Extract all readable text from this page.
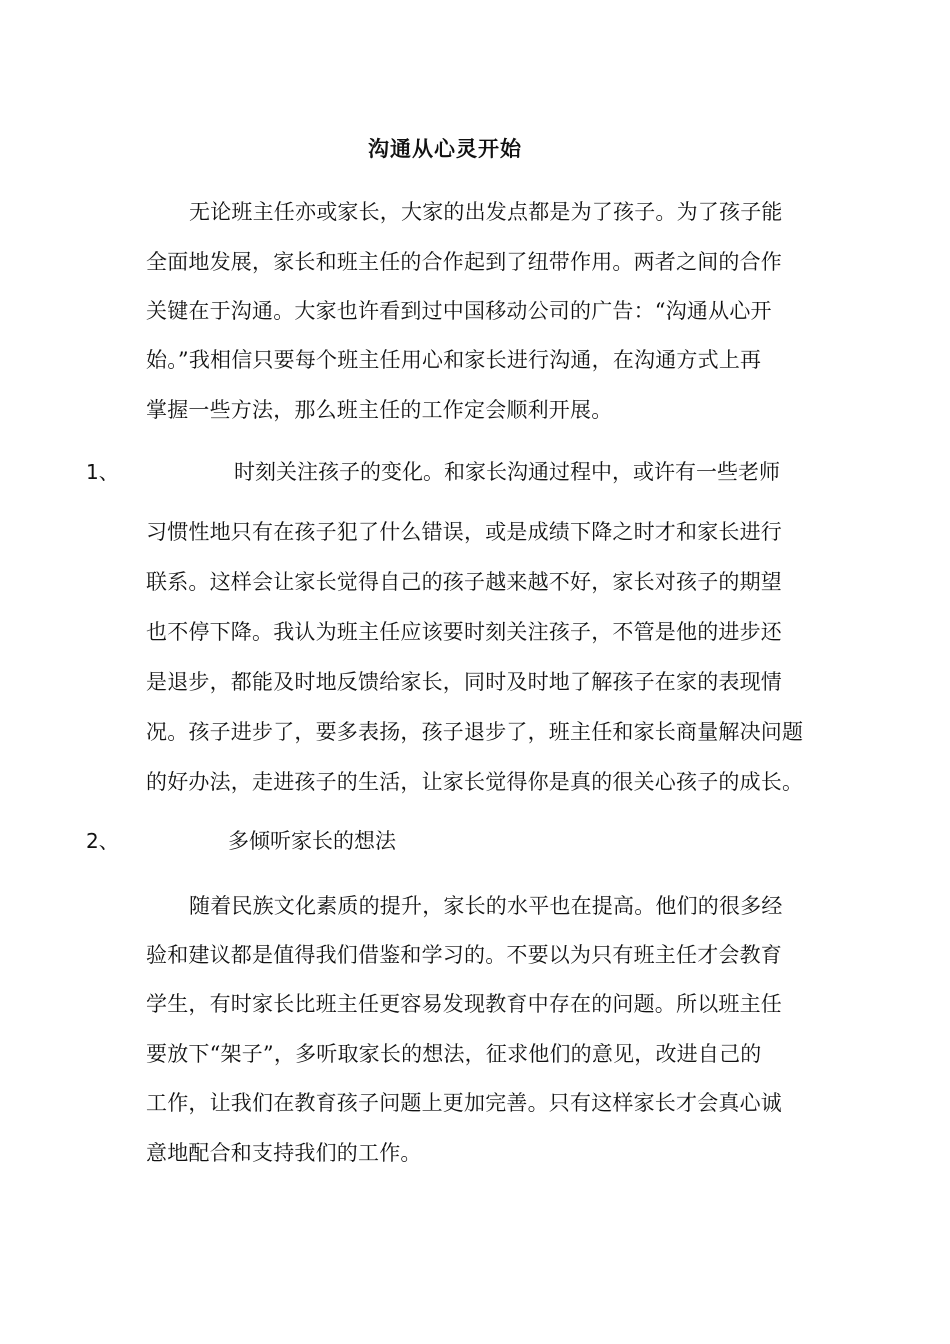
沟通从心灵开始
无论班主任亦或家长，大家的出发点都是为了孩子。为了孩子能
全面地发展，家长和班主任的合作起到了纽带作用。两者之间的合作
关键在于沟通。大家也许看到过中国移动公司的广告：“沟通从心开
始。”我相信只要每个班主任用心和家长进行沟通，在沟通方式上再
掌握一些方法，那么班主任的工作定会顺利开展。
1、	时刻关注孩子的变化。和家长沟通过程中，或许有一些老师
习惯性地只有在孩子犯了什么错误，或是成绩下降之时才和家长进行
联系。这样会让家长觉得自己的孩子越来越不好，家长对孩子的期望
也不停下降。我认为班主任应该要时刻关注孩子，不管是他的进步还
是退步，都能及时地反馈给家长，同时及时地了解孩子在家的表现情
况。孩子进步了，要多表扬，孩子退步了，班主任和家长商量解决问题
的好办法，走进孩子的生活，让家长觉得你是真的很关心孩子的成长。
2、	多倾听家长的想法
随着民族文化素质的提升，家长的水平也在提高。他们的很多经
验和建议都是值得我们借鉴和学习的。不要以为只有班主任才会教育
学生，有时家长比班主任更容易发现教育中存在的问题。所以班主任
要放下“架子”，多听取家长的想法，征求他们的意见，改进自己的
工作，让我们在教育孩子问题上更加完善。只有这样家长才会真心诚
意地配合和支持我们的工作。
